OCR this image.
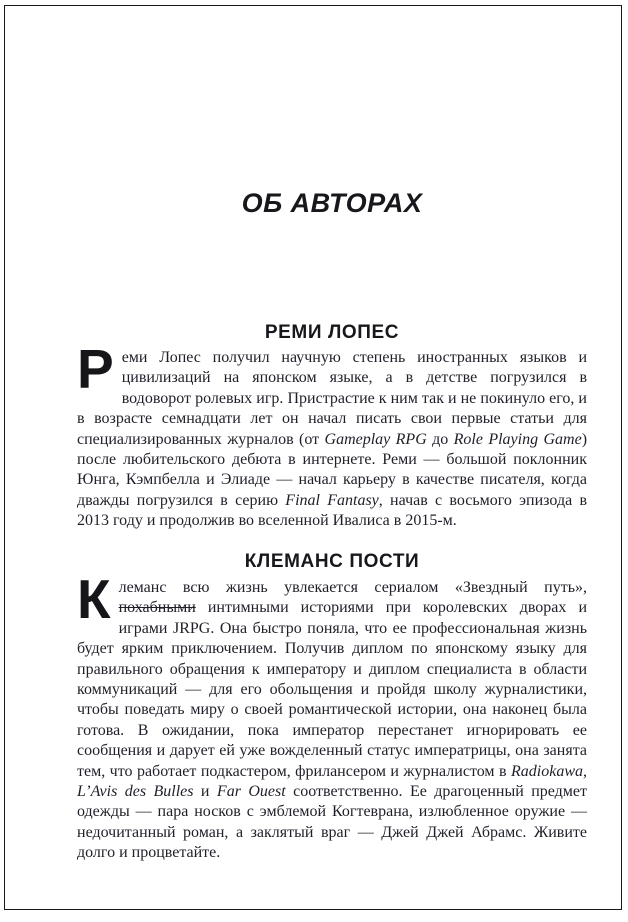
ОБ АВТОРАХ
РЕМИ ЛОПЕС

Реми Лопес получил научную степень иностранных языков и цивилизаций на японском языке, а в детстве погрузился в водоворот ролевых игр. Пристрастие к ним так и не покинуло его, и в возрасте семнадцати лет он начал писать свои первые статьи для специализированных журналов (от Gameplay RPG до Role Playing Game) после любительского дебюта в интернете. Реми — большой поклонник Юнга, Кэмпбелла и Элиаде — начал карьеру в качестве писателя, когда дважды погрузился в серию Final Fantasy, начав с восьмого эпизода в 2013 году и продолжив во вселенной Ивалиса в 2015-м.

КЛЕМАНС ПОСТИ

Клеманс всю жизнь увлекается сериалом «Звездный путь», похабными интимными историями при королевских дворах и играми JRPG. Она быстро поняла, что ее профессиональная жизнь будет ярким приключением. Получив диплом по японскому языку для правильного обращения к императору и диплом специалиста в области коммуникаций — для его обольщения и пройдя школу журналистики, чтобы поведать миру о своей романтической истории, она наконец была готова. В ожидании, пока император перестанет игнорировать ее сообщения и дарует ей уже вожделенный статус императрицы, она занята тем, что работает подкастером, фрилансером и журналистом в Radiokawa, L’Avis des Bulles и Far Ouest соответственно. Ее драгоценный предмет одежды — пара носков с эмблемой Когтеврана, излюбленное оружие — недочитанный роман, а заклятый враг — Джей Джей Абрамс. Живите долго и процветайте.
